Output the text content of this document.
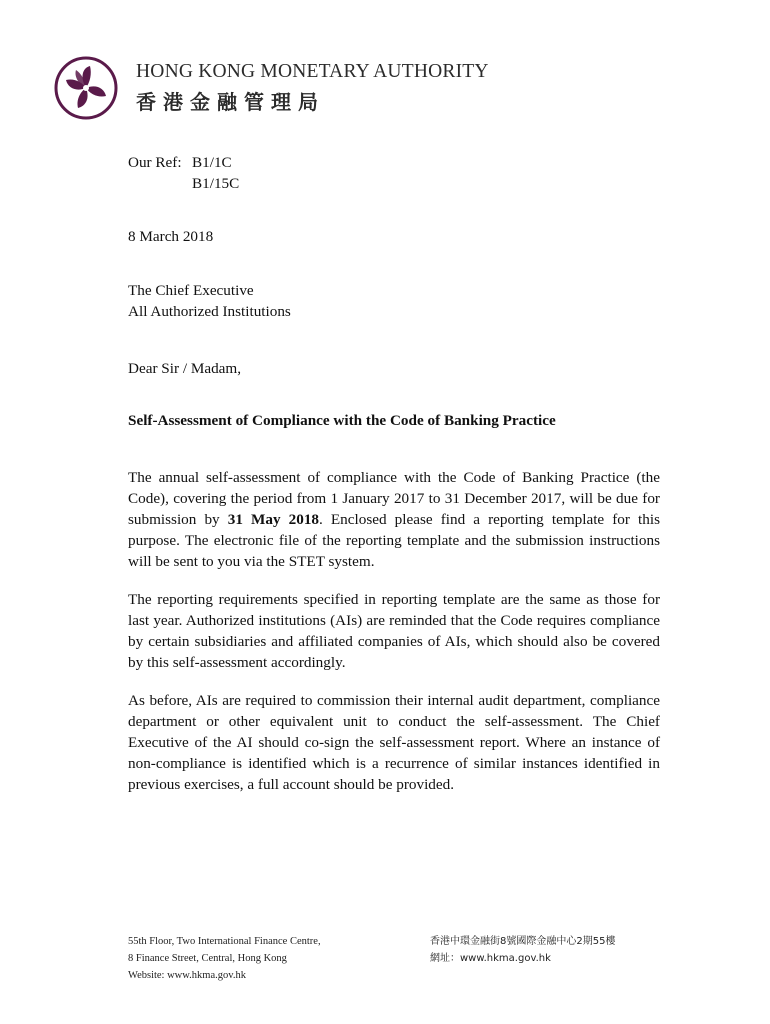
HONG KONG MONETARY AUTHORITY
香港金融管理局
Our Ref: B1/1C
B1/15C
8 March 2018
The Chief Executive
All Authorized Institutions
Dear Sir / Madam,
Self-Assessment of Compliance with the Code of Banking Practice
The annual self-assessment of compliance with the Code of Banking Practice (the Code), covering the period from 1 January 2017 to 31 December 2017, will be due for submission by 31 May 2018. Enclosed please find a reporting template for this purpose. The electronic file of the reporting template and the submission instructions will be sent to you via the STET system.
The reporting requirements specified in reporting template are the same as those for last year. Authorized institutions (AIs) are reminded that the Code requires compliance by certain subsidiaries and affiliated companies of AIs, which should also be covered by this self-assessment accordingly.
As before, AIs are required to commission their internal audit department, compliance department or other equivalent unit to conduct the self-assessment. The Chief Executive of the AI should co-sign the self-assessment report. Where an instance of non-compliance is identified which is a recurrence of similar instances identified in previous exercises, a full account should be provided.
55th Floor, Two International Finance Centre,
8 Finance Street, Central, Hong Kong
Website: www.hkma.gov.hk
香港中環金融街8號國際金融中心2期55樓
網址：www.hkma.gov.hk
